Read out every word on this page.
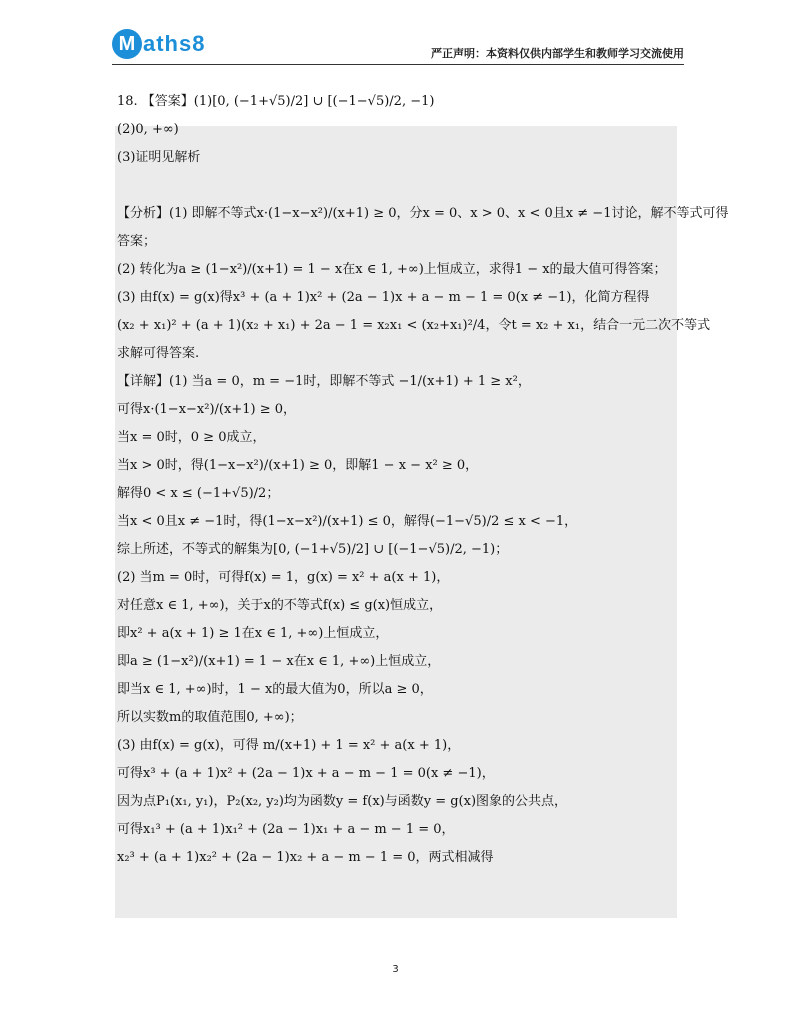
M aths8	严正声明：本资料仅供内部学生和教师学习交流使用
18. 【答案】(1)[0, (−1+√5)/2] ∪ [(−1−√5)/2, −1)
(2)0, +∞)
(3)证明见解析
【分析】(1) 即解不等式x·(1−x−x²)/(x+1) ≥ 0，分x = 0、x > 0、x < 0且x ≠ −1讨论，解不等式可得
答案；
(2) 转化为a ≥ (1−x²)/(x+1) = 1 − x在x ∈ 1, +∞)上恒成立，求得1 − x的最大值可得答案；
(3) 由f(x) = g(x)得x³ + (a + 1)x² + (2a − 1)x + a − m − 1 = 0(x ≠ −1)，化简方程得
(x₂ + x₁)² + (a + 1)(x₂ + x₁) + 2a − 1 = x₂x₁ < (x₂+x₁)²/4，令t = x₂ + x₁，结合一元二次不等式
求解可得答案.
【详解】(1) 当a = 0，m = −1时，即解不等式 −1/(x+1) + 1 ≥ x²，
可得x·(1−x−x²)/(x+1) ≥ 0，
当x = 0时，0 ≥ 0成立，
当x > 0时，得(1−x−x²)/(x+1) ≥ 0，即解1 − x − x² ≥ 0，
解得0 < x ≤ (−1+√5)/2；
当x < 0且x ≠ −1时，得(1−x−x²)/(x+1) ≤ 0，解得(−1−√5)/2 ≤ x < −1，
综上所述，不等式的解集为[0, (−1+√5)/2] ∪ [(−1−√5)/2, −1)；
(2) 当m = 0时，可得f(x) = 1，g(x) = x² + a(x + 1)，
对任意x ∈ 1, +∞)，关于x的不等式f(x) ≤ g(x)恒成立，
即x² + a(x + 1) ≥ 1在x ∈ 1, +∞)上恒成立，
即a ≥ (1−x²)/(x+1) = 1 − x在x ∈ 1, +∞)上恒成立，
即当x ∈ 1, +∞)时，1 − x的最大值为0，所以a ≥ 0，
所以实数m的取值范围0, +∞)；
(3) 由f(x) = g(x)，可得 m/(x+1) + 1 = x² + a(x + 1)，
可得x³ + (a + 1)x² + (2a − 1)x + a − m − 1 = 0(x ≠ −1)，
因为点P₁(x₁, y₁)，P₂(x₂, y₂)均为函数y = f(x)与函数y = g(x)图象的公共点，
可得x₁³ + (a + 1)x₁² + (2a − 1)x₁ + a − m − 1 = 0，
x₂³ + (a + 1)x₂² + (2a − 1)x₂ + a − m − 1 = 0，两式相减得
3
